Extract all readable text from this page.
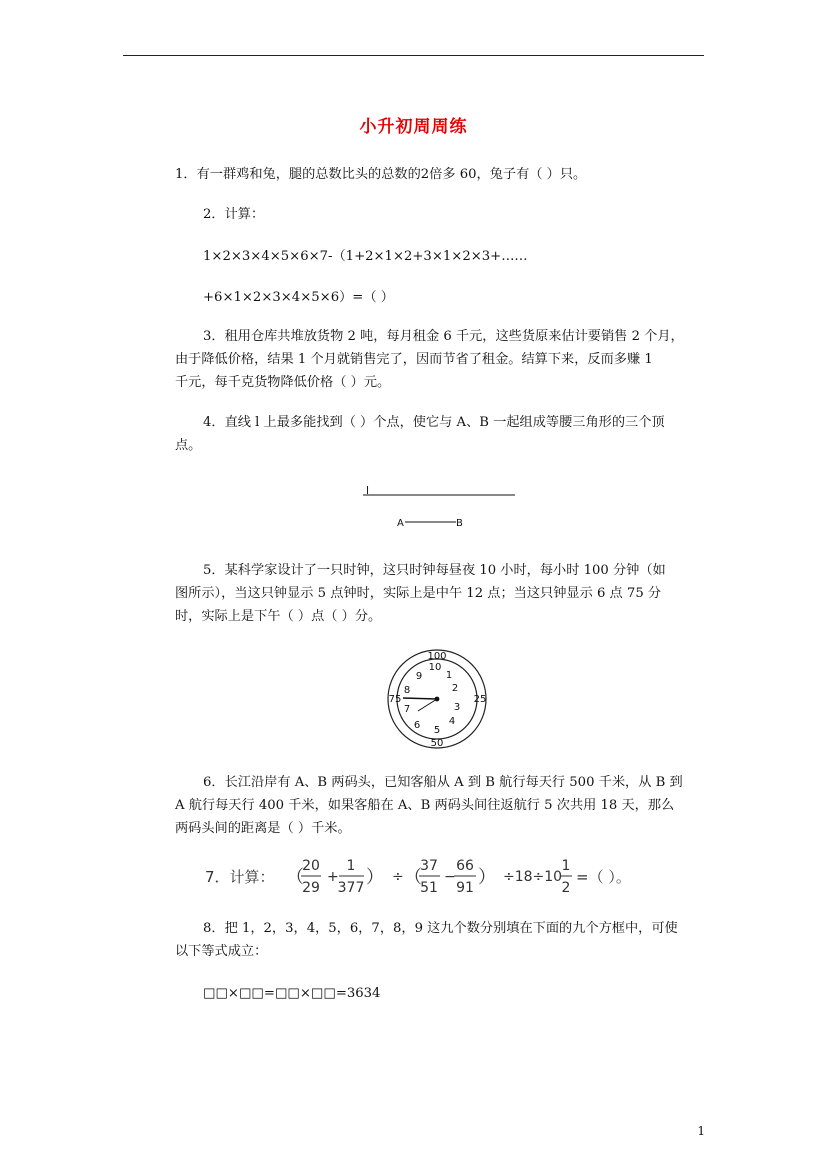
小升初周周练
1．有一群鸡和兔，腿的总数比头的总数的2倍多 60，兔子有（ ）只。
2．计算：
1×2×3×4×5×6×7-（1+2×1×2+3×1×2×3+……
+6×1×2×3×4×5×6）=（ ）
3．租用仓库共堆放货物 2 吨，每月租金 6 千元，这些货原来估计要销售 2 个月，
由于降低价格，结果 1 个月就销售完了，因而节省了租金。结算下来，反而多赚 1
千元，每千克货物降低价格（ ）元。
4．直线 l 上最多能找到（ ）个点，使它与 A、B 一起组成等腰三角形的三个顶
点。
l
A	B
5．某科学家设计了一只时钟，这只时钟每昼夜 10 小时，每小时 100 分钟（如
图所示），当这只钟显示 5 点钟时，实际上是中午 12 点；当这只钟显示 6 点 75 分
时，实际上是下午（ ）点（ ）分。
100
1
2
25
3
4
5
50
6
7
75
8
9
10
6．长江沿岸有 A、B 两码头，已知客船从 A 到 B 航行每天行 500 千米，从 B 到
A 航行每天行 400 千米，如果客船在 A、B 两码头间往返航行 5 次共用 18 天，那么
两码头间的距离是（ ）千米。
7．计算： （
20
29
+
1
377 ） ÷ （
37
51
−
66
91 ） ÷18÷10
1
2
=（ ）。
8．把 1，2，3，4，5，6，7，8，9 这九个数分别填在下面的九个方框中，可使
以下等式成立：
□□×□□=□□×□□=3634
1
